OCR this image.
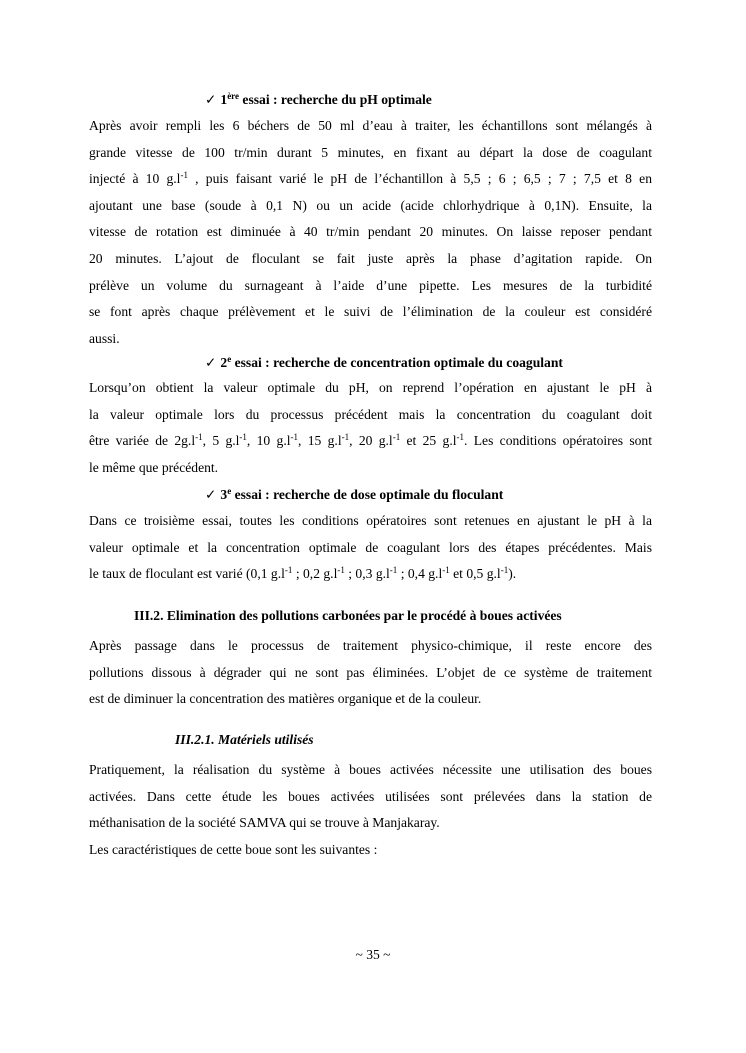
✓ 1ère essai : recherche du pH optimale
Après avoir rempli les 6 béchers de 50 ml d’eau à traiter, les échantillons sont mélangés à
grande vitesse de 100 tr/min durant 5 minutes, en fixant au départ la dose de coagulant
injecté à 10 $g.l^{-1}$ , puis faisant varié le pH de l’échantillon à 5,5 ; 6 ; 6,5 ; 7 ; 7,5 et 8 en
ajoutant une base (soude à 0,1 N) ou un acide (acide chlorhydrique à 0,1N). Ensuite, la
vitesse de rotation est diminuée à 40 tr/min pendant 20 minutes. On laisse reposer pendant
20 minutes. L’ajout de floculant se fait juste après la phase d’agitation rapide. On
prélève un volume du surnageant à l’aide d’une pipette. Les mesures de la turbidité
se font après chaque prélèvement et le suivi de l’élimination de la couleur est considéré
aussi.
✓ 2e essai : recherche de concentration optimale du coagulant
Lorsqu’on obtient la valeur optimale du pH, on reprend l’opération en ajustant le pH à
la valeur optimale lors du processus précédent mais la concentration du coagulant doit
être variée de $2g.l^{-1}$, 5 $g.l^{-1}$, 10 $g.l^{-1}$, 15 $g.l^{-1}$, 20 $g.l^{-1}$ et 25 $g.l^{-1}$. Les conditions opératoires sont
le même que précédent.
✓ 3e essai : recherche de dose optimale du floculant
Dans ce troisième essai, toutes les conditions opératoires sont retenues en ajustant le pH à la
valeur optimale et la concentration optimale de coagulant lors des étapes précédentes. Mais
le taux de floculant est varié (0,1 $g.l^{-1}$ ; 0,2 $g.l^{-1}$ ; 0,3 $g.l^{-1}$ ; 0,4 $g.l^{-1}$ et 0,5 $g.l^{-1}$).
III.2. Elimination des pollutions carbonées par le procédé à boues activées
Après passage dans le processus de traitement physico-chimique, il reste encore des
pollutions dissous à dégrader qui ne sont pas éliminées. L’objet de ce système de traitement
est de diminuer la concentration des matières organique et de la couleur.
III.2.1. Matériels utilisés
Pratiquement, la réalisation du système à boues activées nécessite une utilisation des boues
activées. Dans cette étude les boues activées utilisées sont prélevées dans la station de
méthanisation de la société SAMVA qui se trouve à Manjakaray.
Les caractéristiques de cette boue sont les suivantes :
~ 35 ~
